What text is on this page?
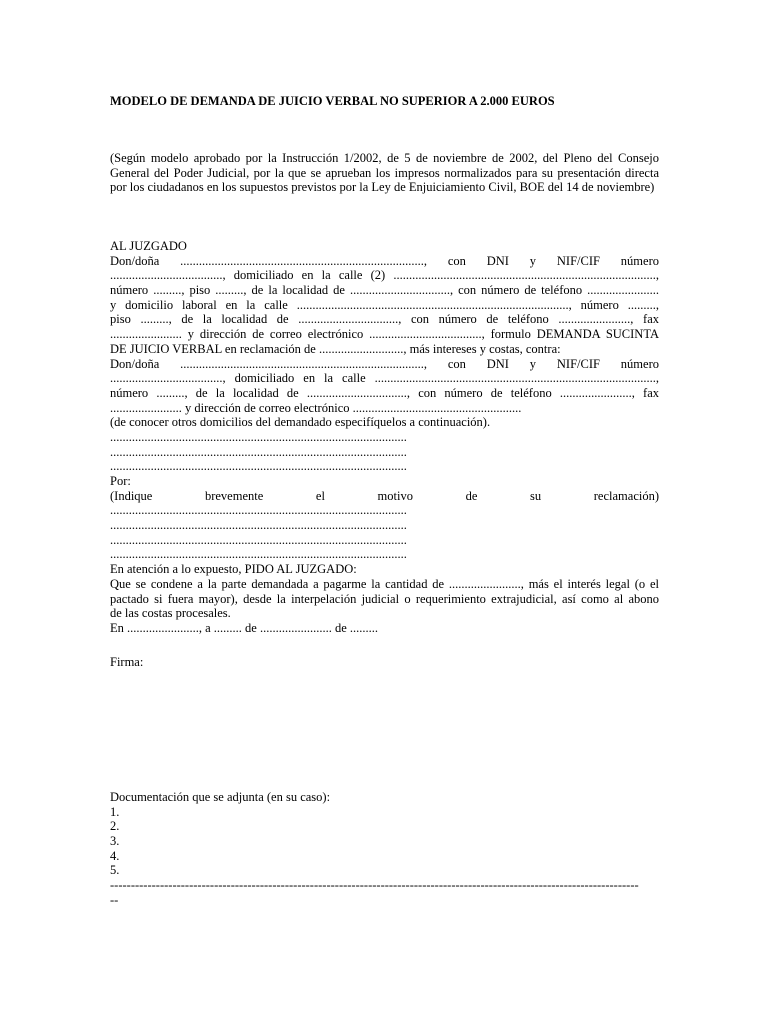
MODELO DE DEMANDA DE JUICIO VERBAL NO SUPERIOR A 2.000 EUROS
(Según modelo aprobado por la Instrucción 1/2002, de 5 de noviembre de 2002, del Pleno del Consejo General del Poder Judicial, por la que se aprueban los impresos normalizados para su presentación directa por los ciudadanos en los supuestos previstos por la Ley de Enjuiciamiento Civil, BOE del 14 de noviembre)
AL JUZGADO
Don/doña .............................................................................., con DNI y NIF/CIF número
...................................., domiciliado en la calle (2) ....................................................................................,
número ........., piso ........., de la localidad de ................................, con número de teléfono .......................
y domicilio laboral en la calle ......................................................................................., número .........,
piso ........., de la localidad de ................................, con número de teléfono ......................., fax
....................... y dirección de correo electrónico ...................................., formulo DEMANDA SUCINTA
DE JUICIO VERBAL en reclamación de ..........................., más intereses y costas, contra:
Don/doña .............................................................................., con DNI y NIF/CIF número
...................................., domiciliado en la calle ..........................................................................................,
número ........., de la localidad de ................................, con número de teléfono ......................., fax
....................... y dirección de correo electrónico ......................................................
(de conocer otros domicilios del demandado especifíquelos a continuación).
...............................................................................................
...............................................................................................
...............................................................................................
Por:
(Indique brevemente el motivo de su reclamación)
...............................................................................................
...............................................................................................
...............................................................................................
...............................................................................................
En atención a lo expuesto, PIDO AL JUZGADO:
Que se condene a la parte demandada a pagarme la cantidad de ......................., más el interés legal (o el
pactado si fuera mayor), desde la interpelación judicial o requerimiento extrajudicial, así como al abono
de las costas procesales.
En ......................., a ......... de ....................... de .........
Firma:
Documentación que se adjunta (en su caso):
1.
2.
3.
4.
5.
-------------------------------------------------------------------------------------------------------------------------------
--
